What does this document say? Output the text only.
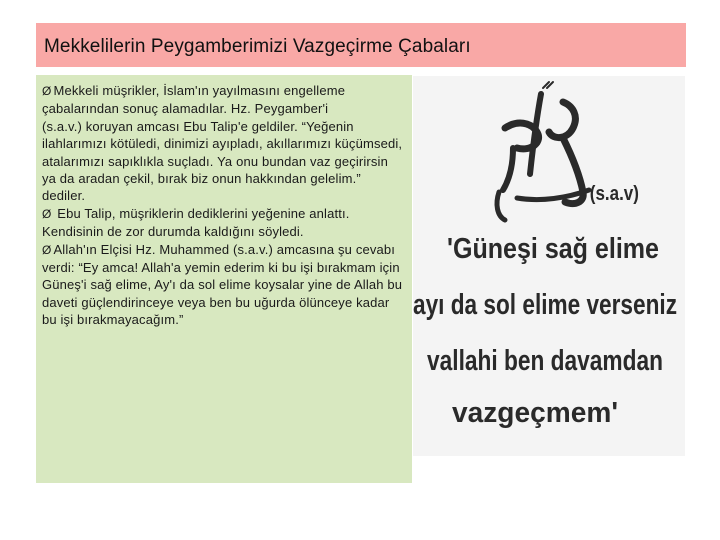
Mekkelilerin Peygamberimizi Vazgeçirme Çabaları

Ø Mekkeli müşrikler, İslam'ın yayılmasını engelleme çabalarından sonuç alamadılar. Hz. Peygamber'i

(s.a.v.) koruyan amcası Ebu Talip'e geldiler. “Yeğenin ilahlarımızı kötüledi, dinimizi ayıpladı, akıllarımızı küçümsedi, atalarımızı sapıklıkla suçladı. Ya onu bundan vaz geçirirsin ya da aradan çekil, bırak biz onun hakkından gelelim.” dediler.

Ø Ebu Talip, müşriklerin dediklerini yeğenine anlattı. Kendisinin de zor durumda kaldığını söyledi.

Ø Allah'ın Elçisi Hz. Muhammed (s.a.v.) amcasına şu cevabı verdi: “Ey amca! Allah'a yemin ederim ki bu işi bırakmam için Güneş'i sağ elime, Ay'ı da sol elime koysalar yine de Allah bu daveti güçlendirinceye veya ben bu uğurda ölünceye kadar bu işi bırakmayacağım.”

(s.a.v)
'Güneşi sağ elime
ayı da sol elime verseniz
vallahi ben davamdan
vazgeçmem'
